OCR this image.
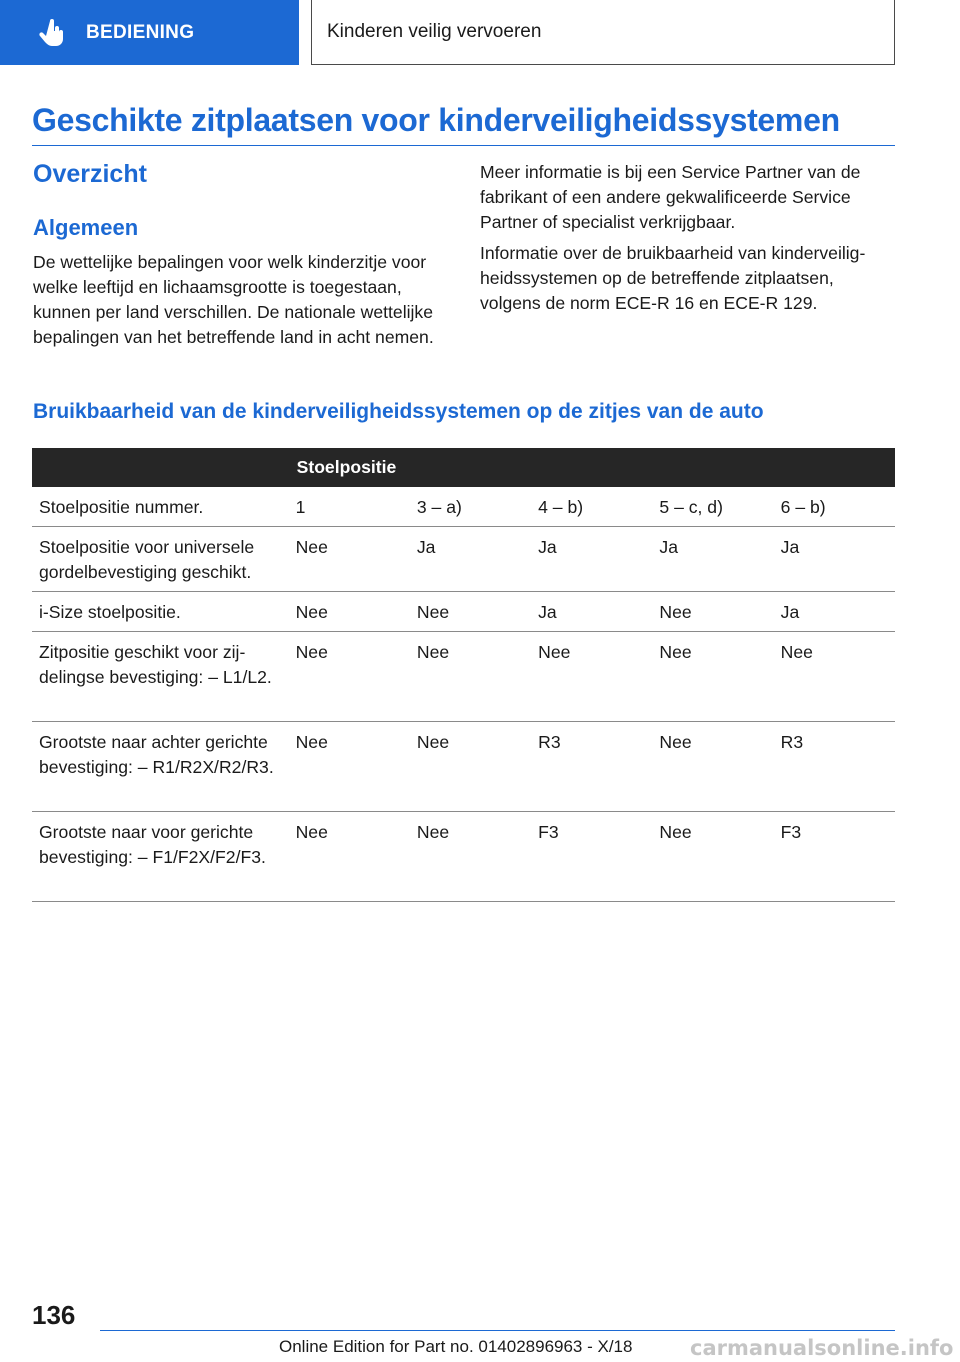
BEDIENING	Kinderen veilig vervoeren
Geschikte zitplaatsen voor kinderveiligheidssystemen
Overzicht
Algemeen

De wettelijke bepalingen voor welk kinderzitje voor welke leeftijd en lichaamsgrootte is toegestaan, kunnen per land verschillen. De nationale wettelijke bepalingen van het betreffende land in acht nemen.

Meer informatie is bij een Service Partner van de fabrikant of een andere gekwalificeerde Service Partner of specialist verkrijgbaar.

Informatie over de bruikbaarheid van kinderveiligheidssystemen op de betreffende zitplaatsen, volgens de norm ECE-R 16 en ECE-R 129.

Bruikbaarheid van de kinderveiligheidssystemen op de zitjes van de auto
	Stoelpositie				
Stoelpositie nummer.	1	3 – a)	4 – b)	5 – c, d)	6 – b)
Stoelpositie voor universele gordelbevestiging geschikt.	Nee	Ja	Ja	Ja	Ja
i-Size stoelpositie.	Nee	Nee	Ja	Nee	Ja
Zitpositie geschikt voor zijdelingse bevestiging: – L1/L2.	Nee	Nee	Nee	Nee	Nee
Grootste naar achter gerichte bevestiging: – R1/R2X/R2/R3.	Nee	Nee	R3	Nee	R3
Grootste naar voor gerichte bevestiging: – F1/F2X/F2/F3.	Nee	Nee	F3	Nee	F3
136
Online Edition for Part no. 01402896963 - X/18	carmanualsonline.info
